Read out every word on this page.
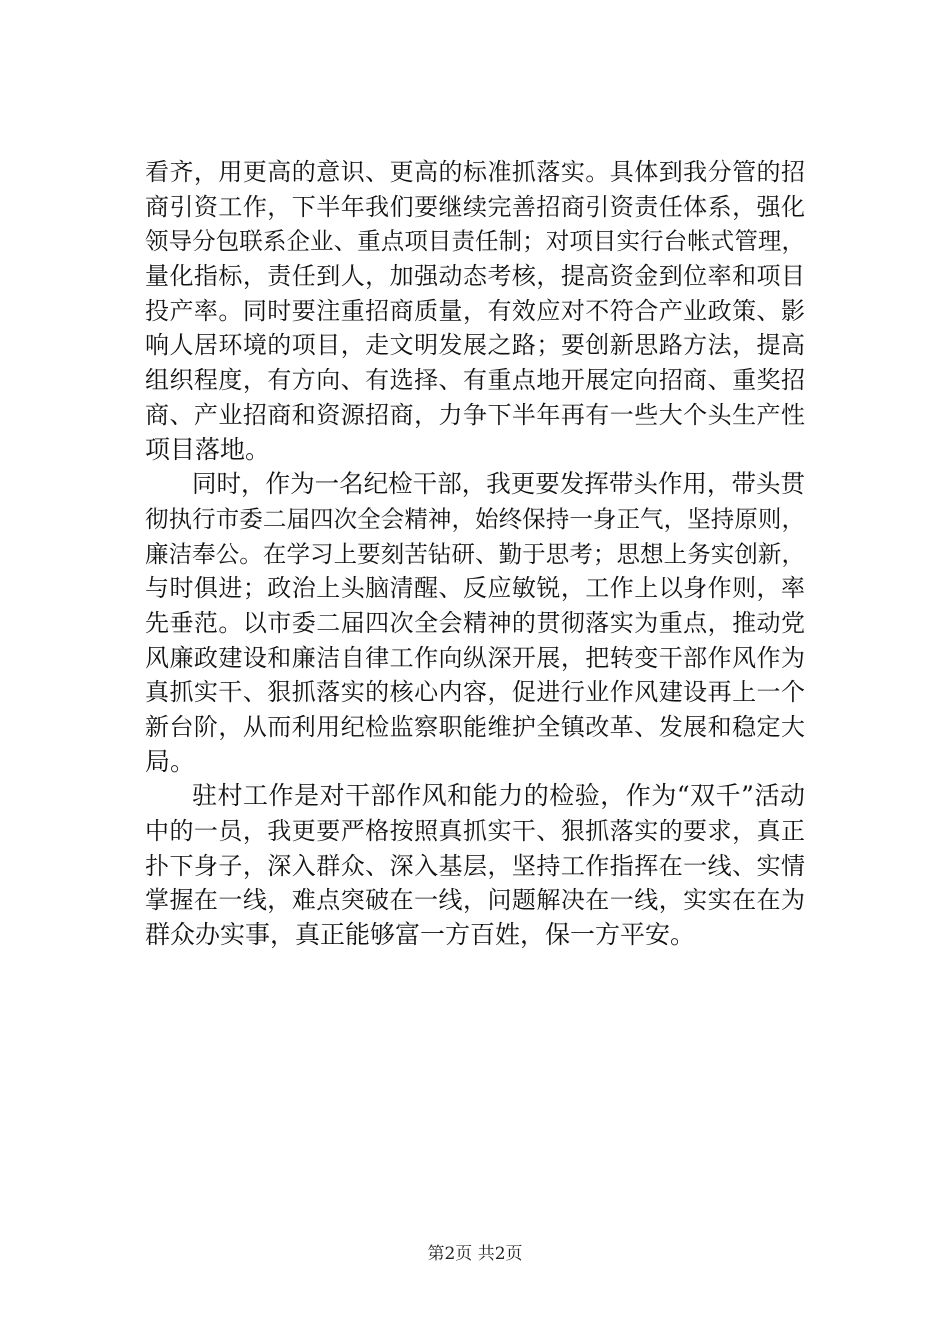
看齐，用更高的意识、更高的标准抓落实。具体到我分管的招
商引资工作，下半年我们要继续完善招商引资责任体系，强化
领导分包联系企业、重点项目责任制；对项目实行台帐式管理，
量化指标，责任到人，加强动态考核，提高资金到位率和项目
投产率。同时要注重招商质量，有效应对不符合产业政策、影
响人居环境的项目，走文明发展之路；要创新思路方法，提高
组织程度，有方向、有选择、有重点地开展定向招商、重奖招
商、产业招商和资源招商，力争下半年再有一些大个头生产性
项目落地。
同时，作为一名纪检干部，我更要发挥带头作用，带头贯
彻执行市委二届四次全会精神，始终保持一身正气，坚持原则，
廉洁奉公。在学习上要刻苦钻研、勤于思考；思想上务实创新，
与时俱进；政治上头脑清醒、反应敏锐，工作上以身作则，率
先垂范。以市委二届四次全会精神的贯彻落实为重点，推动党
风廉政建设和廉洁自律工作向纵深开展，把转变干部作风作为
真抓实干、狠抓落实的核心内容，促进行业作风建设再上一个
新台阶，从而利用纪检监察职能维护全镇改革、发展和稳定大
局。
驻村工作是对干部作风和能力的检验，作为“双千”活动
中的一员，我更要严格按照真抓实干、狠抓落实的要求，真正
扑下身子，深入群众、深入基层，坚持工作指挥在一线、实情
掌握在一线，难点突破在一线，问题解决在一线，实实在在为
群众办实事，真正能够富一方百姓，保一方平安。
第2页 共2页
